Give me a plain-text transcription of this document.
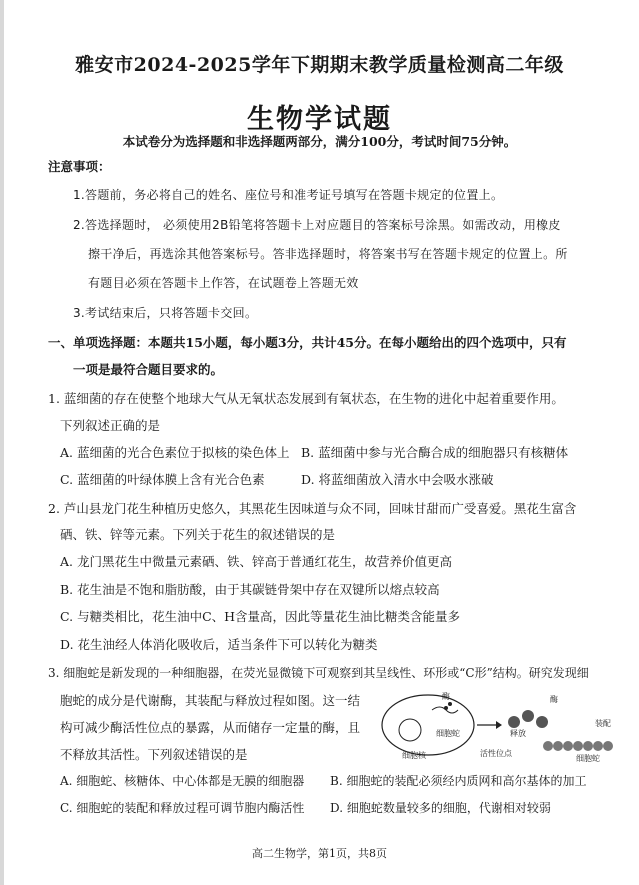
雅安市2024-2025学年下期期末教学质量检测高二年级
生物学试题
本试卷分为选择题和非选择题两部分，满分100分，考试时间75分钟。
注意事项：
1.答题前，务必将自己的姓名、座位号和准考证号填写在答题卡规定的位置上。
2.答选择题时， 必须使用2B铅笔将答题卡上对应题目的答案标号涂黑。如需改动，用橡皮
擦干净后，再选涂其他答案标号。答非选择题时，将答案书写在答题卡规定的位置上。所
有题目必须在答题卡上作答，在试题卷上答题无效
3.考试结束后，只将答题卡交回。
一、单项选择题：本题共15小题，每小题3分，共计45分。在每小题给出的四个选项中，只有
一项是最符合题目要求的。
1. 蓝细菌的存在使整个地球大气从无氧状态发展到有氧状态，在生物的进化中起着重要作用。
下列叙述正确的是
A. 蓝细菌的光合色素位于拟核的染色体上 B. 蓝细菌中参与光合酶合成的细胞器只有核糖体
C. 蓝细菌的叶绿体膜上含有光合色素	D. 将蓝细菌放入清水中会吸水涨破
2. 芦山县龙门花生种植历史悠久，其黑花生因味道与众不同，回味甘甜而广受喜爱。黑花生富含
硒、铁、锌等元素。下列关于花生的叙述错误的是
A. 龙门黑花生中微量元素硒、铁、锌高于普通红花生，故营养价值更高
B. 花生油是不饱和脂肪酸，由于其碳链骨架中存在双键所以熔点较高
C. 与糖类相比，花生油中C、H含量高，因此等量花生油比糖类含能量多
D. 花生油经人体消化吸收后，适当条件下可以转化为糖类
3. 细胞蛇是新发现的一种细胞器，在荧光显微镜下可观察到其呈线性、环形或“C形”结构。研究发现细
胞蛇的成分是代谢酶，其装配与释放过程如图。这一结
构可减少酶活性位点的暴露，从而储存一定量的酶，且
不释放其活性。下列叙述错误的是
酶
细胞核
细胞蛇	释放
酶
装配
活性位点
细胞蛇
A. 细胞蛇、核糖体、中心体都是无膜的细胞器 B. 细胞蛇的装配必须经内质网和高尔基体的加工
C. 细胞蛇的装配和释放过程可调节胞内酶活性 D. 细胞蛇数量较多的细胞，代谢相对较弱
高二生物学，第1页，共8页
